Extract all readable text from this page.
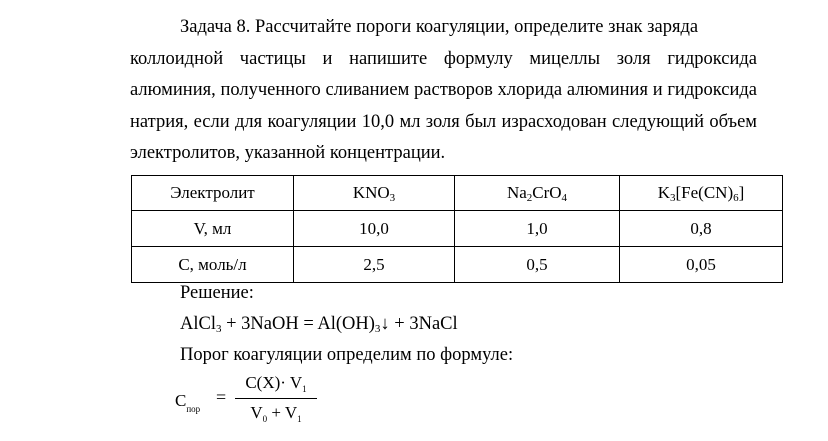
Задача 8. Рассчитайте пороги коагуляции, определите знак заряда
коллоидной частицы и напишите формулу мицеллы золя гидроксида алюминия, полученного сливанием растворов хлорида алюминия и гидроксида натрия, если для коагуляции 10,0 мл золя был израсходован следующий объем электролитов, указанной концентрации.

Электролит	$KNO_3$	$Na_2CrO_4$	$K_3[Fe(CN)_6]$
V, мл	10,0	1,0	0,8
С, моль/л	2,5	0,5	0,05
Решение:
AlCl$_3$ + 3NaOH = $Al(OH)_3↓$ + 3NaCl
Порог коагуляции определим по формуле:
$C_{пор}$
=
$C(X)\cdot V_1$
$V_0 + V_1$
